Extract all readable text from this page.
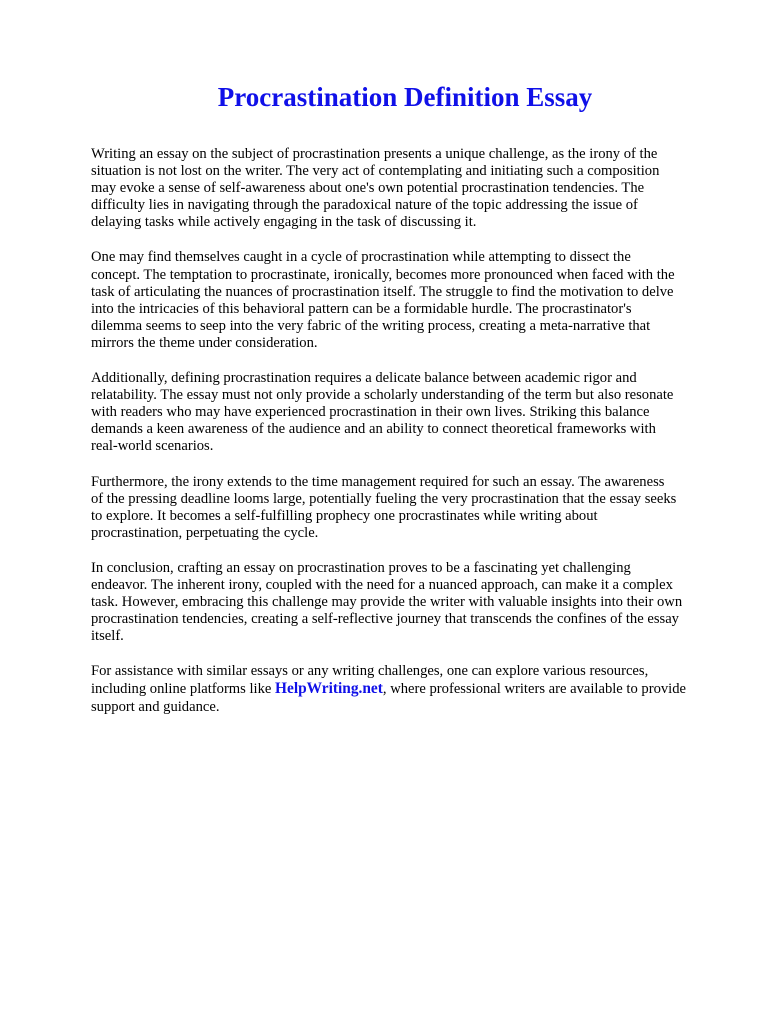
Procrastination Definition Essay

Writing an essay on the subject of procrastination presents a unique challenge, as the irony of the
situation is not lost on the writer. The very act of contemplating and initiating such a composition
may evoke a sense of self-awareness about one's own potential procrastination tendencies. The
difficulty lies in navigating through the paradoxical nature of the topic addressing the issue of
delaying tasks while actively engaging in the task of discussing it.

One may find themselves caught in a cycle of procrastination while attempting to dissect the
concept. The temptation to procrastinate, ironically, becomes more pronounced when faced with the
task of articulating the nuances of procrastination itself. The struggle to find the motivation to delve
into the intricacies of this behavioral pattern can be a formidable hurdle. The procrastinator's
dilemma seems to seep into the very fabric of the writing process, creating a meta-narrative that
mirrors the theme under consideration.

Additionally, defining procrastination requires a delicate balance between academic rigor and
relatability. The essay must not only provide a scholarly understanding of the term but also resonate
with readers who may have experienced procrastination in their own lives. Striking this balance
demands a keen awareness of the audience and an ability to connect theoretical frameworks with
real-world scenarios.

Furthermore, the irony extends to the time management required for such an essay. The awareness
of the pressing deadline looms large, potentially fueling the very procrastination that the essay seeks
to explore. It becomes a self-fulfilling prophecy one procrastinates while writing about
procrastination, perpetuating the cycle.

In conclusion, crafting an essay on procrastination proves to be a fascinating yet challenging
endeavor. The inherent irony, coupled with the need for a nuanced approach, can make it a complex
task. However, embracing this challenge may provide the writer with valuable insights into their own
procrastination tendencies, creating a self-reflective journey that transcends the confines of the essay
itself.

For assistance with similar essays or any writing challenges, one can explore various resources,
including online platforms like HelpWriting.net, where professional writers are available to provide
support and guidance.
